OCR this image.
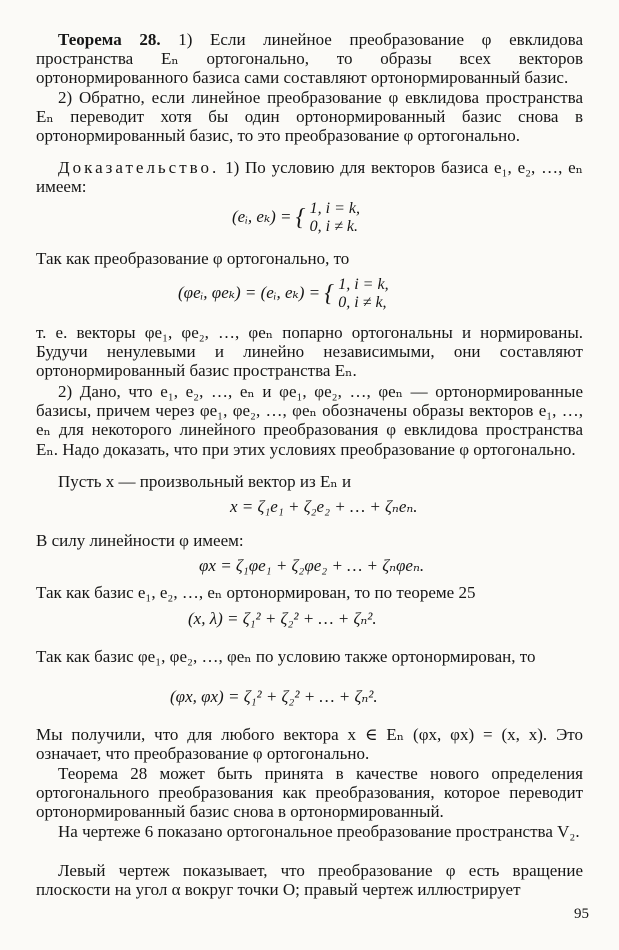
Теорема 28. 1) Если линейное преобразование φ евклидова пространства Eₙ ортогонально, то образы всех векторов ортонормированного базиса сами составляют ортонормированный базис.

2) Обратно, если линейное преобразование φ евклидова пространства Eₙ переводит хотя бы один ортонормированный базис снова в ортонормированный базис, то это преобразование φ ортогонально.

Доказательство. 1) По условию для векторов базиса e₁, e₂, …, eₙ имеем:

(eᵢ, eₖ) = { 1, i = k,
0, i ≠ k.

Так как преобразование φ ортогонально, то

(φeᵢ, φeₖ) = (eᵢ, eₖ) = { 1, i = k,
0, i ≠ k,

т. е. векторы φe₁, φe₂, …, φeₙ попарно ортогональны и нормированы. Будучи ненулевыми и линейно независимыми, они составляют ортонормированный базис пространства Eₙ.

2) Дано, что e₁, e₂, …, eₙ и φe₁, φe₂, …, φeₙ — ортонормированные базисы, причем через φe₁, φe₂, …, φeₙ обозначены образы векторов e₁, …, eₙ для некоторого линейного преобразования φ евклидова пространства Eₙ. Надо доказать, что при этих условиях преобразование φ ортогонально.

Пусть x — произвольный вектор из Eₙ и

x = ζ₁e₁ + ζ₂e₂ + … + ζₙeₙ.

В силу линейности φ имеем:

φx = ζ₁φe₁ + ζ₂φe₂ + … + ζₙφeₙ.

Так как базис e₁, e₂, …, eₙ ортонормирован, то по теореме 25

(x, λ) = ζ₁² + ζ₂² + … + ζₙ².

Так как базис φe₁, φe₂, …, φeₙ по условию также ортонормирован, то

(φx, φx) = ζ₁² + ζ₂² + … + ζₙ².

Мы получили, что для любого вектора x ∈ Eₙ (φx, φx) = (x, x). Это означает, что преобразование φ ортогонально.

Теорема 28 может быть принята в качестве нового определения ортогонального преобразования как преобразования, которое переводит ортонормированный базис снова в ортонормированный.

На чертеже 6 показано ортогональное преобразование пространства V₂.

Левый чертеж показывает, что преобразование φ есть вращение плоскости на угол α вокруг точки O; правый чертеж иллюстрирует

95
